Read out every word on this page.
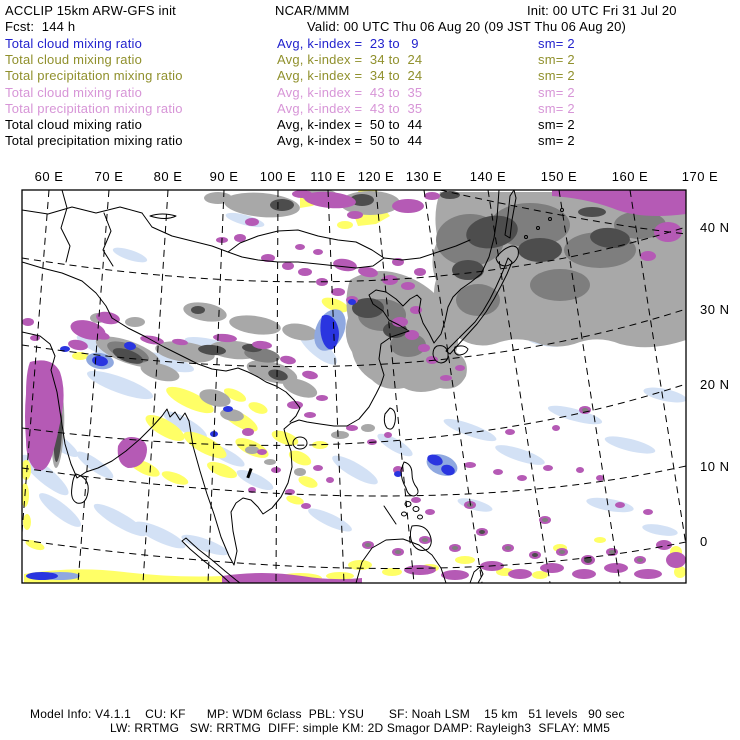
ACCLIP 15km ARW-GFS init	NCAR/MMM	Init: 00 UTC Fri 31 Jul 20
Fcst:  144 h	Valid: 00 UTC Thu 06 Aug 20 (09 JST Thu 06 Aug 20)
Total cloud mixing ratio	Avg, k-index =  23 to   9	sm= 2
Total cloud mixing ratio	Avg, k-index =  34 to  24	sm= 2
Total precipitation mixing ratio	Avg, k-index =  34 to  24	sm= 2
Total cloud mixing ratio	Avg, k-index =  43 to  35	sm= 2
Total precipitation mixing ratio	Avg, k-index =  43 to  35	sm= 2
Total cloud mixing ratio	Avg, k-index =  50 to  44	sm= 2
Total precipitation mixing ratio	Avg, k-index =  50 to  44	sm= 2
60 E 70 E 80 E 90 E 100 E 110 E 120 E 130 E 140 E	150 E	160 E	170 E
40 N
30 N
20 N
10 N
0
Model Info: V4.1.1    CU: KF      MP: WDM 6class  PBL: YSU       SF: Noah LSM    15 km   51 levels   90 sec
LW: RRTMG   SW: RRTMG  DIFF: simple KM: 2D Smagor DAMP: Rayleigh3  SFLAY: MM5
